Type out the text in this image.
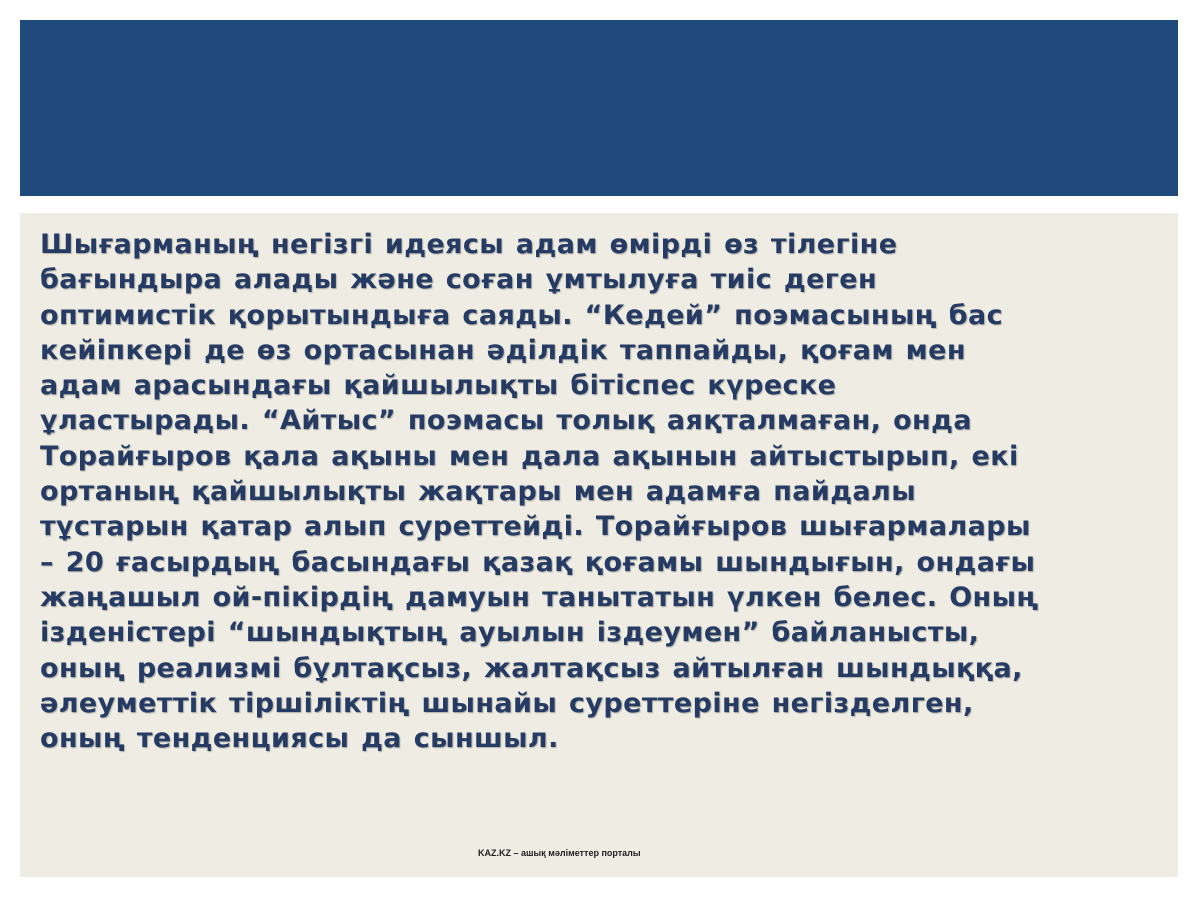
Шығарманың негізгі идеясы адам өмірді өз тілегіне
бағындыра алады және соған ұмтылуға тиіс деген
оптимистік қорытындыға саяды. “Кедей” поэмасының бас
кейіпкері де өз ортасынан әділдік таппайды, қоғам мен
адам арасындағы қайшылықты бітіспес күреске
ұластырады. “Айтыс” поэмасы толық аяқталмаған, онда
Торайғыров қала ақыны мен дала ақынын айтыстырып, екі
ортаның қайшылықты жақтары мен адамға пайдалы
тұстарын қатар алып суреттейді. Торайғыров шығармалары
– 20 ғасырдың басындағы қазақ қоғамы шындығын, ондағы
жаңашыл ой-пікірдің дамуын танытатын үлкен белес. Оның
ізденістері “шындықтың ауылын іздеумен” байланысты,
оның реализмі бұлтақсыз, жалтақсыз айтылған шындыққа,
әлеуметтік тіршіліктің шынайы суреттеріне негізделген,
оның тенденциясы да сыншыл.

KAZ.KZ – ашық мәліметтер порталы
